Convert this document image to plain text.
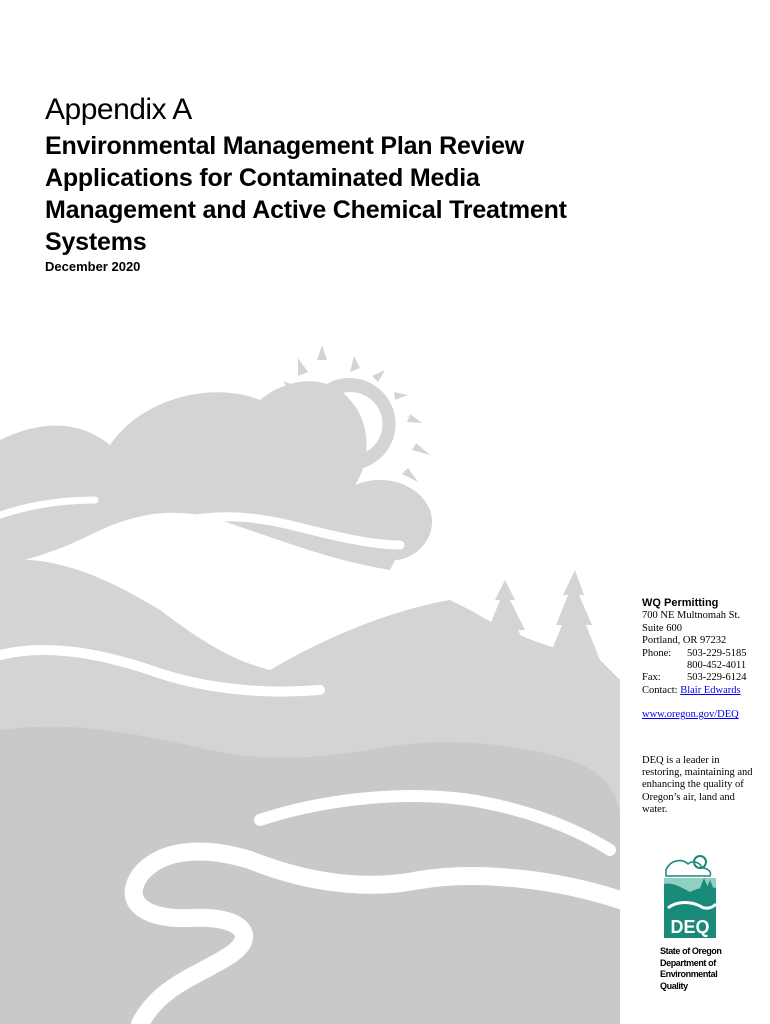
Appendix A
Environmental Management Plan Review
Applications for Contaminated Media
Management and Active Chemical Treatment
Systems
December 2020
WQ Permitting
700 NE Multnomah St.
Suite 600
Portland, OR 97232
Phone:	503-229-5185
800-452-4011
Fax:	503-229-6124
Contact: Blair Edwards
www.oregon.gov/DEQ
DEQ is a leader in restoring, maintaining and enhancing the quality of Oregon’s air, land and water.
DEQ
State of Oregon
Department of
Environmental
Quality
